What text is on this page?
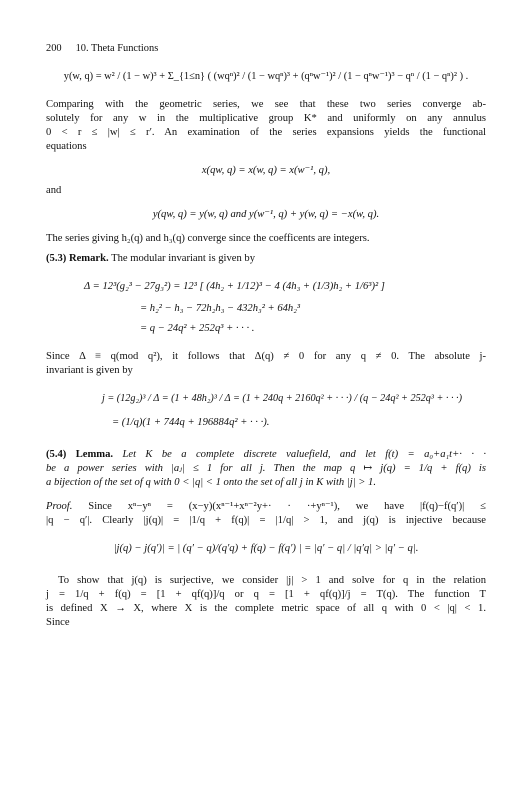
200 10. Theta Functions
y(w, q) = w² / (1 − w)³ + Σ_{1≤n} ( (wqⁿ)² / (1 − wqⁿ)³ + (qⁿw⁻¹)² / (1 − qⁿw⁻¹)³ − qⁿ / (1 − qⁿ)² ) .
Comparing with the geometric series, we see that these two series converge ab-
solutely for any w in the multiplicative group K* and uniformly on any annulus
0 < r ≤ |w| ≤ r′. An examination of the series expansions yields the functional
equations
x(qw, q) = x(w, q) = x(w⁻¹, q),
and
y(qw, q) = y(w, q) and y(w⁻¹, q) + y(w, q) = −x(w, q).
The series giving h₂(q) and h₃(q) converge since the coefficents are integers.
(5.3) Remark. The modular invariant is given by
Δ = 12³(g₂³ − 27g₃²) = 12³ [ (4h₂ + 1/12)³ − 4 (4h₃ + (1/3)h₂ + 1/6³)² ]
= h₂² − h₃ − 72h₂h₃ − 432h₃² + 64h₂³
= q − 24q² + 252q³ + · · · .
Since Δ ≡ q(mod q²), it follows that Δ(q) ≠ 0 for any q ≠ 0. The absolute j-
invariant is given by
j = (12g₂)³ / Δ = (1 + 48h₂)³ / Δ = (1 + 240q + 2160q² + · · ·) / (q − 24q² + 252q³ + · · ·)
= (1/q)(1 + 744q + 196884q² + · · ·).
(5.4) Lemma. Let K be a complete discrete valuefield, and let f(t) = a₀+a₁t+· · ·
be a power series with |aⱼ| ≤ 1 for all j. Then the map q ↦ j(q) = 1/q + f(q) is
a bijection of the set of q with 0 < |q| < 1 onto the set of all j in K with |j| > 1.
Proof. Since xⁿ−yⁿ = (x−y)(xⁿ⁻¹+xⁿ⁻²y+· · ·+yⁿ⁻¹), we have |f(q)−f(q′)| ≤
|q − q′|. Clearly |j(q)| = |1/q + f(q)| = |1/q| > 1, and j(q) is injective because
|j(q) − j(q′)| = | (q′ − q)/(q′q) + f(q) − f(q′) | = |q′ − q| / |q′q| > |q′ − q|.
To show that j(q) is surjective, we consider |j| > 1 and solve for q in the relation
j = 1/q + f(q) = [1 + qf(q)]/q or q = [1 + qf(q)]/j = T(q). The function T
is defined X → X, where X is the complete metric space of all q with 0 < |q| < 1.
Since
